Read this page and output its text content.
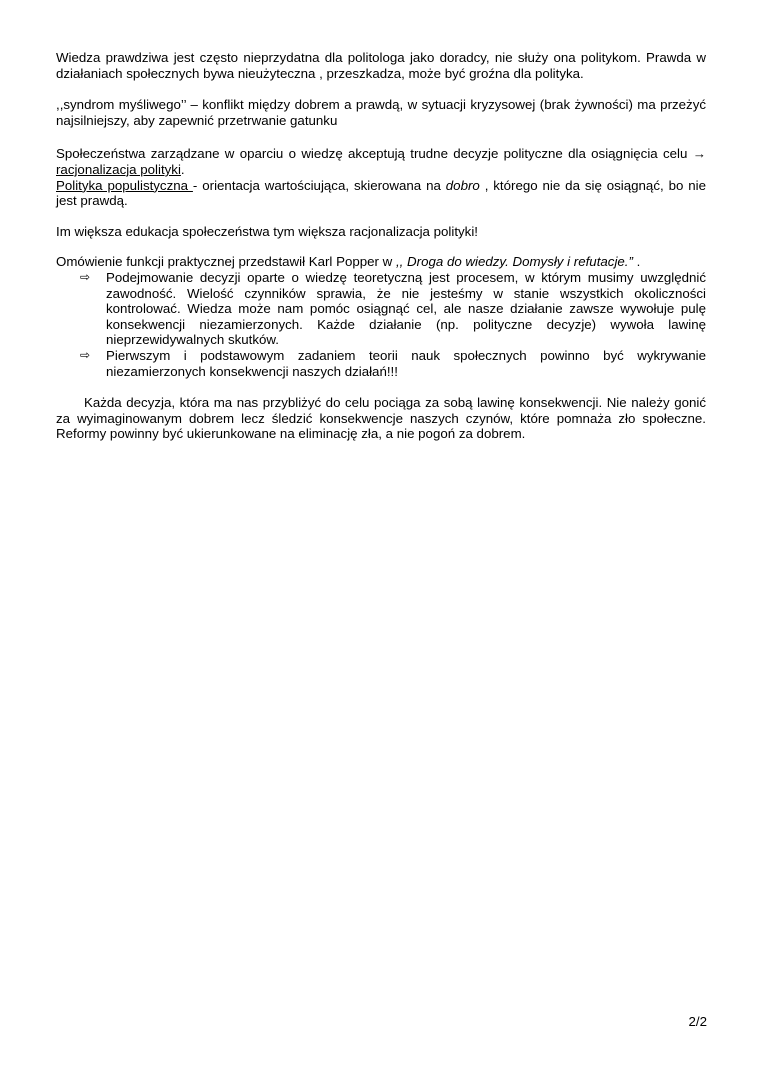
Wiedza prawdziwa jest często nieprzydatna dla politologa jako doradcy, nie służy ona politykom. Prawda w działaniach społecznych bywa nieużyteczna , przeszkadza, może być groźna dla polityka.

,,syndrom myśliwego’’ – konflikt między dobrem a prawdą, w sytuacji kryzysowej (brak żywności) ma przeżyć najsilniejszy, aby zapewnić przetrwanie gatunku

Społeczeństwa zarządzane w oparciu o wiedzę akceptują trudne decyzje polityczne dla osiągnięcia celu → racjonalizacja polityki.

Polityka populistyczna - orientacja wartościująca, skierowana na dobro , którego nie da się osiągnąć, bo nie jest prawdą.

Im większa edukacja społeczeństwa tym większa racjonalizacja polityki!

Omówienie funkcji praktycznej przedstawił Karl Popper w ,, Droga do wiedzy. Domysły i refutacje.” .

⇨ Podejmowanie decyzji oparte o wiedzę teoretyczną jest procesem, w którym musimy uwzględnić zawodność. Wielość czynników sprawia, że nie jesteśmy w stanie wszystkich okoliczności kontrolować. Wiedza może nam pomóc osiągnąć cel, ale nasze działanie zawsze wywołuje pulę konsekwencji niezamierzonych. Każde działanie (np. polityczne decyzje) wywoła lawinę nieprzewidywalnych skutków.
⇨ Pierwszym i podstawowym zadaniem teorii nauk społecznych powinno być wykrywanie niezamierzonych konsekwencji naszych działań!!!

Każda decyzja, która ma nas przybliżyć do celu pociąga za sobą lawinę konsekwencji. Nie należy gonić za wyimaginowanym dobrem lecz śledzić konsekwencje naszych czynów, które pomnaża zło społeczne. Reformy powinny być ukierunkowane na eliminację zła, a nie pogoń za dobrem.

2/2
